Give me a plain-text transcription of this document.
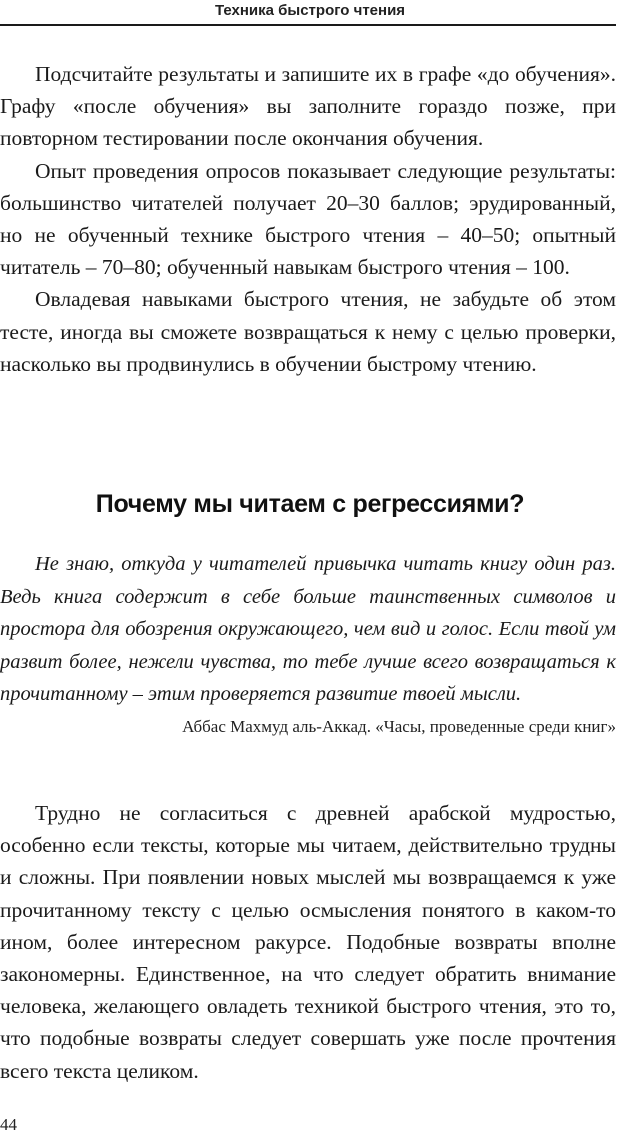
Техника быстрого чтения

Подсчитайте результаты и запишите их в графе «до обучения». Графу «после обучения» вы заполните гораздо позже, при повторном тестировании после окончания обучения.

Опыт проведения опросов показывает следующие результаты: большинство читателей получает 20–30 баллов; эрудированный, но не обученный технике быстрого чтения – 40–50; опытный читатель – 70–80; обученный навыкам быстрого чтения – 100.

Овладевая навыками быстрого чтения, не забудьте об этом тесте, иногда вы сможете возвращаться к нему с целью проверки, насколько вы продвинулись в обучении быстрому чтению.

Почему мы читаем с регрессиями?

Не знаю, откуда у читателей привычка читать книгу один раз. Ведь книга содержит в себе больше таинственных символов и простора для обозрения окружающего, чем вид и голос. Если твой ум развит более, нежели чувства, то тебе лучше всего возвращаться к прочитанному – этим проверяется развитие твоей мысли.

Аббас Махмуд аль-Аккад. «Часы, проведенные среди книг»

Трудно не согласиться с древней арабской мудростью, особенно если тексты, которые мы читаем, действительно трудны и сложны. При появлении новых мыслей мы возвращаемся к уже прочитанному тексту с целью осмысления понятого в каком-то ином, более интересном ракурсе. Подобные возвраты вполне закономерны. Единственное, на что следует обратить внимание человека, желающего овладеть техникой быстрого чтения, это то, что подобные возвраты следует совершать уже после прочтения всего текста целиком.

44
